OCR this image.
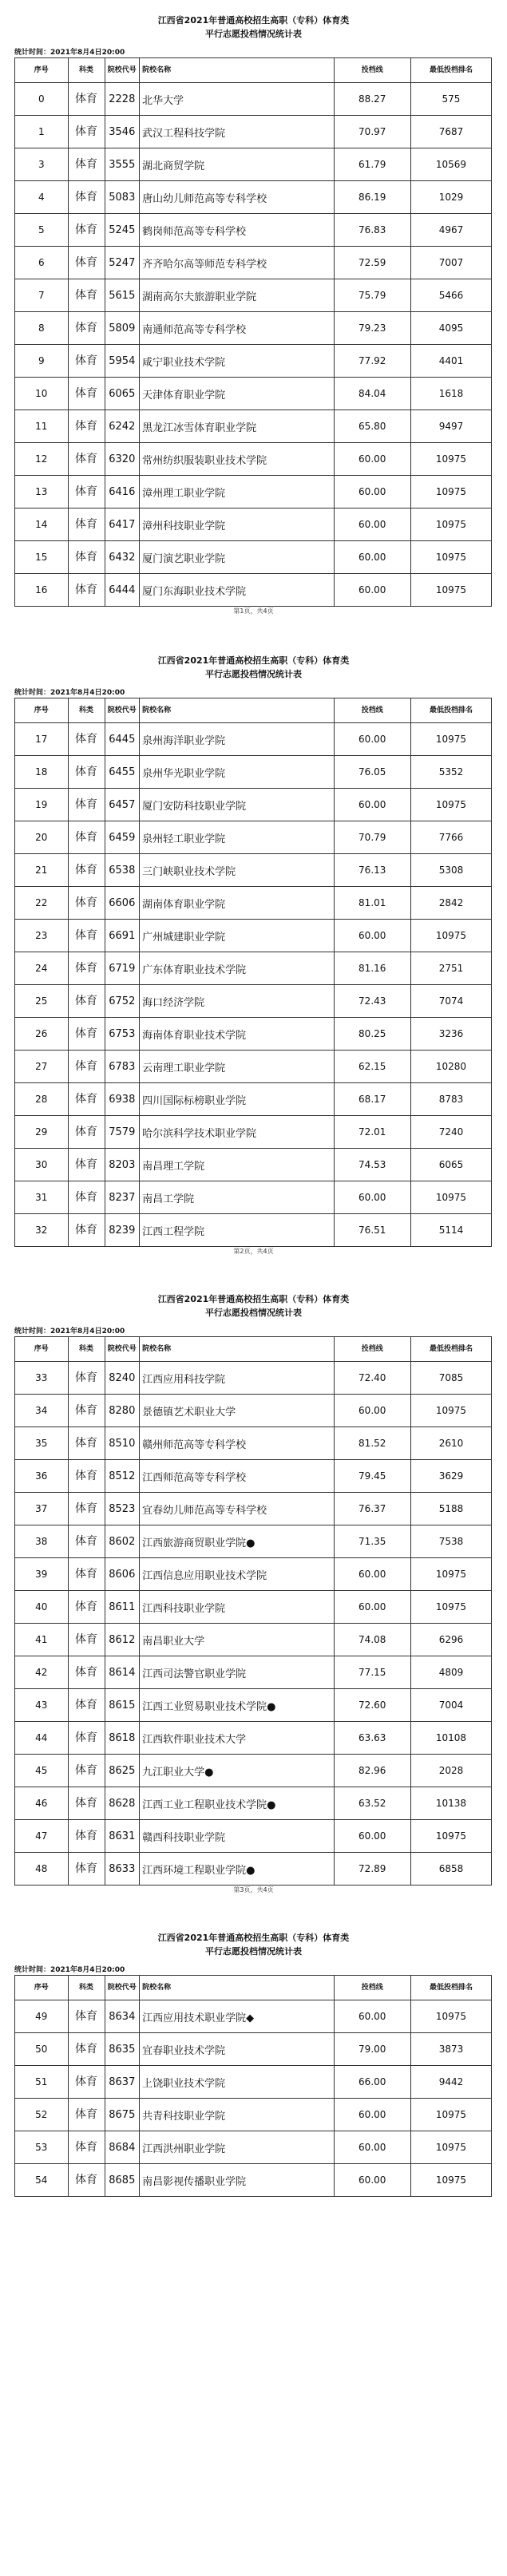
江西省2021年普通高校招生高职（专科）体育类
平行志愿投档情况统计表
统计时间：2021年8月4日20:00
序号	科类	院校代号	院校名称	投档线	最低投档排名
0	体育	2228	北华大学	88.27	575
1	体育	3546	武汉工程科技学院	70.97	7687
3	体育	3555	湖北商贸学院	61.79	10569
4	体育	5083	唐山幼儿师范高等专科学校	86.19	1029
5	体育	5245	鹤岗师范高等专科学校	76.83	4967
6	体育	5247	齐齐哈尔高等师范专科学校	72.59	7007
7	体育	5615	湖南高尔夫旅游职业学院	75.79	5466
8	体育	5809	南通师范高等专科学校	79.23	4095
9	体育	5954	咸宁职业技术学院	77.92	4401
10	体育	6065	天津体育职业学院	84.04	1618
11	体育	6242	黑龙江冰雪体育职业学院	65.80	9497
12	体育	6320	常州纺织服装职业技术学院	60.00	10975
13	体育	6416	漳州理工职业学院	60.00	10975
14	体育	6417	漳州科技职业学院	60.00	10975
15	体育	6432	厦门演艺职业学院	60.00	10975
16	体育	6444	厦门东海职业技术学院	60.00	10975
第1页，共4页
江西省2021年普通高校招生高职（专科）体育类
平行志愿投档情况统计表
统计时间：2021年8月4日20:00
序号	科类	院校代号	院校名称	投档线	最低投档排名
17	体育	6445	泉州海洋职业学院	60.00	10975
18	体育	6455	泉州华光职业学院	76.05	5352
19	体育	6457	厦门安防科技职业学院	60.00	10975
20	体育	6459	泉州轻工职业学院	70.79	7766
21	体育	6538	三门峡职业技术学院	76.13	5308
22	体育	6606	湖南体育职业学院	81.01	2842
23	体育	6691	广州城建职业学院	60.00	10975
24	体育	6719	广东体育职业技术学院	81.16	2751
25	体育	6752	海口经济学院	72.43	7074
26	体育	6753	海南体育职业技术学院	80.25	3236
27	体育	6783	云南理工职业学院	62.15	10280
28	体育	6938	四川国际标榜职业学院	68.17	8783
29	体育	7579	哈尔滨科学技术职业学院	72.01	7240
30	体育	8203	南昌理工学院	74.53	6065
31	体育	8237	南昌工学院	60.00	10975
32	体育	8239	江西工程学院	76.51	5114
第2页，共4页
江西省2021年普通高校招生高职（专科）体育类
平行志愿投档情况统计表
统计时间：2021年8月4日20:00
序号	科类	院校代号	院校名称	投档线	最低投档排名
33	体育	8240	江西应用科技学院	72.40	7085
34	体育	8280	景德镇艺术职业大学	60.00	10975
35	体育	8510	赣州师范高等专科学校	81.52	2610
36	体育	8512	江西师范高等专科学校	79.45	3629
37	体育	8523	宜春幼儿师范高等专科学校	76.37	5188
38	体育	8602	江西旅游商贸职业学院●	71.35	7538
39	体育	8606	江西信息应用职业技术学院	60.00	10975
40	体育	8611	江西科技职业学院	60.00	10975
41	体育	8612	南昌职业大学	74.08	6296
42	体育	8614	江西司法警官职业学院	77.15	4809
43	体育	8615	江西工业贸易职业技术学院●	72.60	7004
44	体育	8618	江西软件职业技术大学	63.63	10108
45	体育	8625	九江职业大学●	82.96	2028
46	体育	8628	江西工业工程职业技术学院●	63.52	10138
47	体育	8631	赣西科技职业学院	60.00	10975
48	体育	8633	江西环境工程职业学院●	72.89	6858
第3页，共4页
江西省2021年普通高校招生高职（专科）体育类
平行志愿投档情况统计表
统计时间：2021年8月4日20:00
序号	科类	院校代号	院校名称	投档线	最低投档排名
49	体育	8634	江西应用技术职业学院◆	60.00	10975
50	体育	8635	宜春职业技术学院	79.00	3873
51	体育	8637	上饶职业技术学院	66.00	9442
52	体育	8675	共青科技职业学院	60.00	10975
53	体育	8684	江西洪州职业学院	60.00	10975
54	体育	8685	南昌影视传播职业学院	60.00	10975
